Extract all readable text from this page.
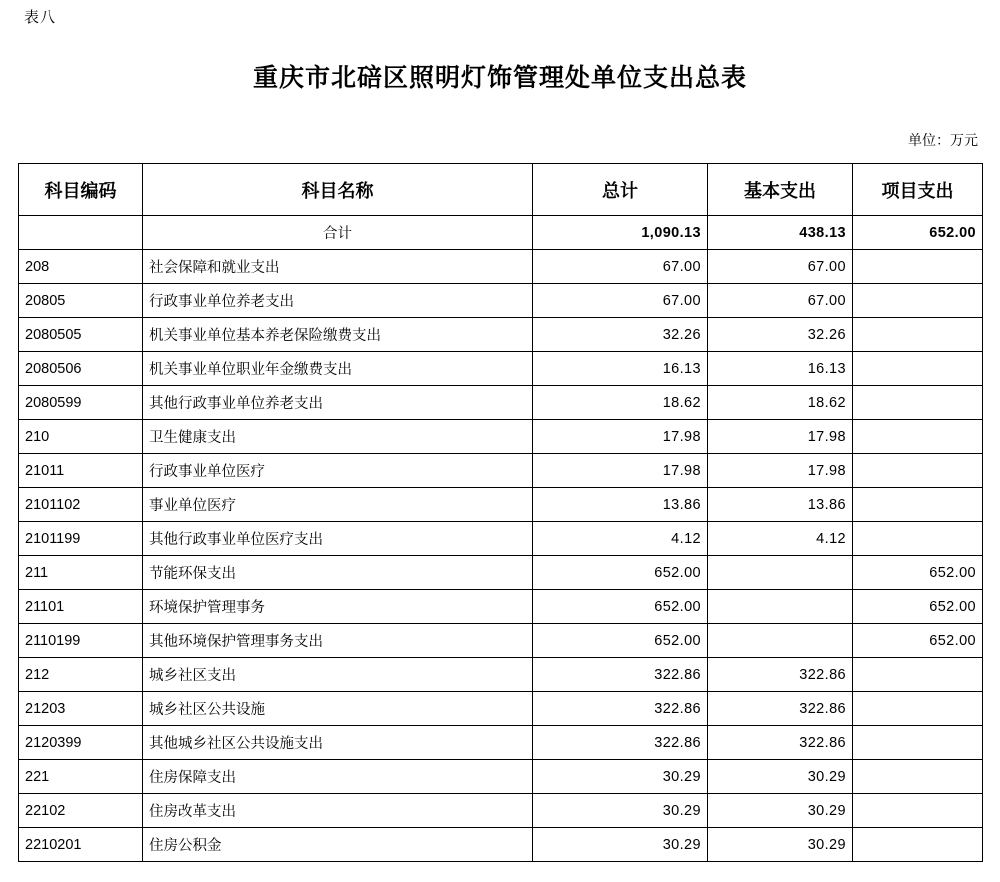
表八
重庆市北碚区照明灯饰管理处单位支出总表
单位：万元
科目编码	科目名称	总计	基本支出	项目支出
	合计	1,090.13	438.13	652.00
208	社会保障和就业支出	67.00	67.00	
20805	行政事业单位养老支出	67.00	67.00	
2080505	机关事业单位基本养老保险缴费支出	32.26	32.26	
2080506	机关事业单位职业年金缴费支出	16.13	16.13	
2080599	其他行政事业单位养老支出	18.62	18.62	
210	卫生健康支出	17.98	17.98	
21011	行政事业单位医疗	17.98	17.98	
2101102	事业单位医疗	13.86	13.86	
2101199	其他行政事业单位医疗支出	4.12	4.12	
211	节能环保支出	652.00		652.00
21101	环境保护管理事务	652.00		652.00
2110199	其他环境保护管理事务支出	652.00		652.00
212	城乡社区支出	322.86	322.86	
21203	城乡社区公共设施	322.86	322.86	
2120399	其他城乡社区公共设施支出	322.86	322.86	
221	住房保障支出	30.29	30.29	
22102	住房改革支出	30.29	30.29	
2210201	住房公积金	30.29	30.29	
